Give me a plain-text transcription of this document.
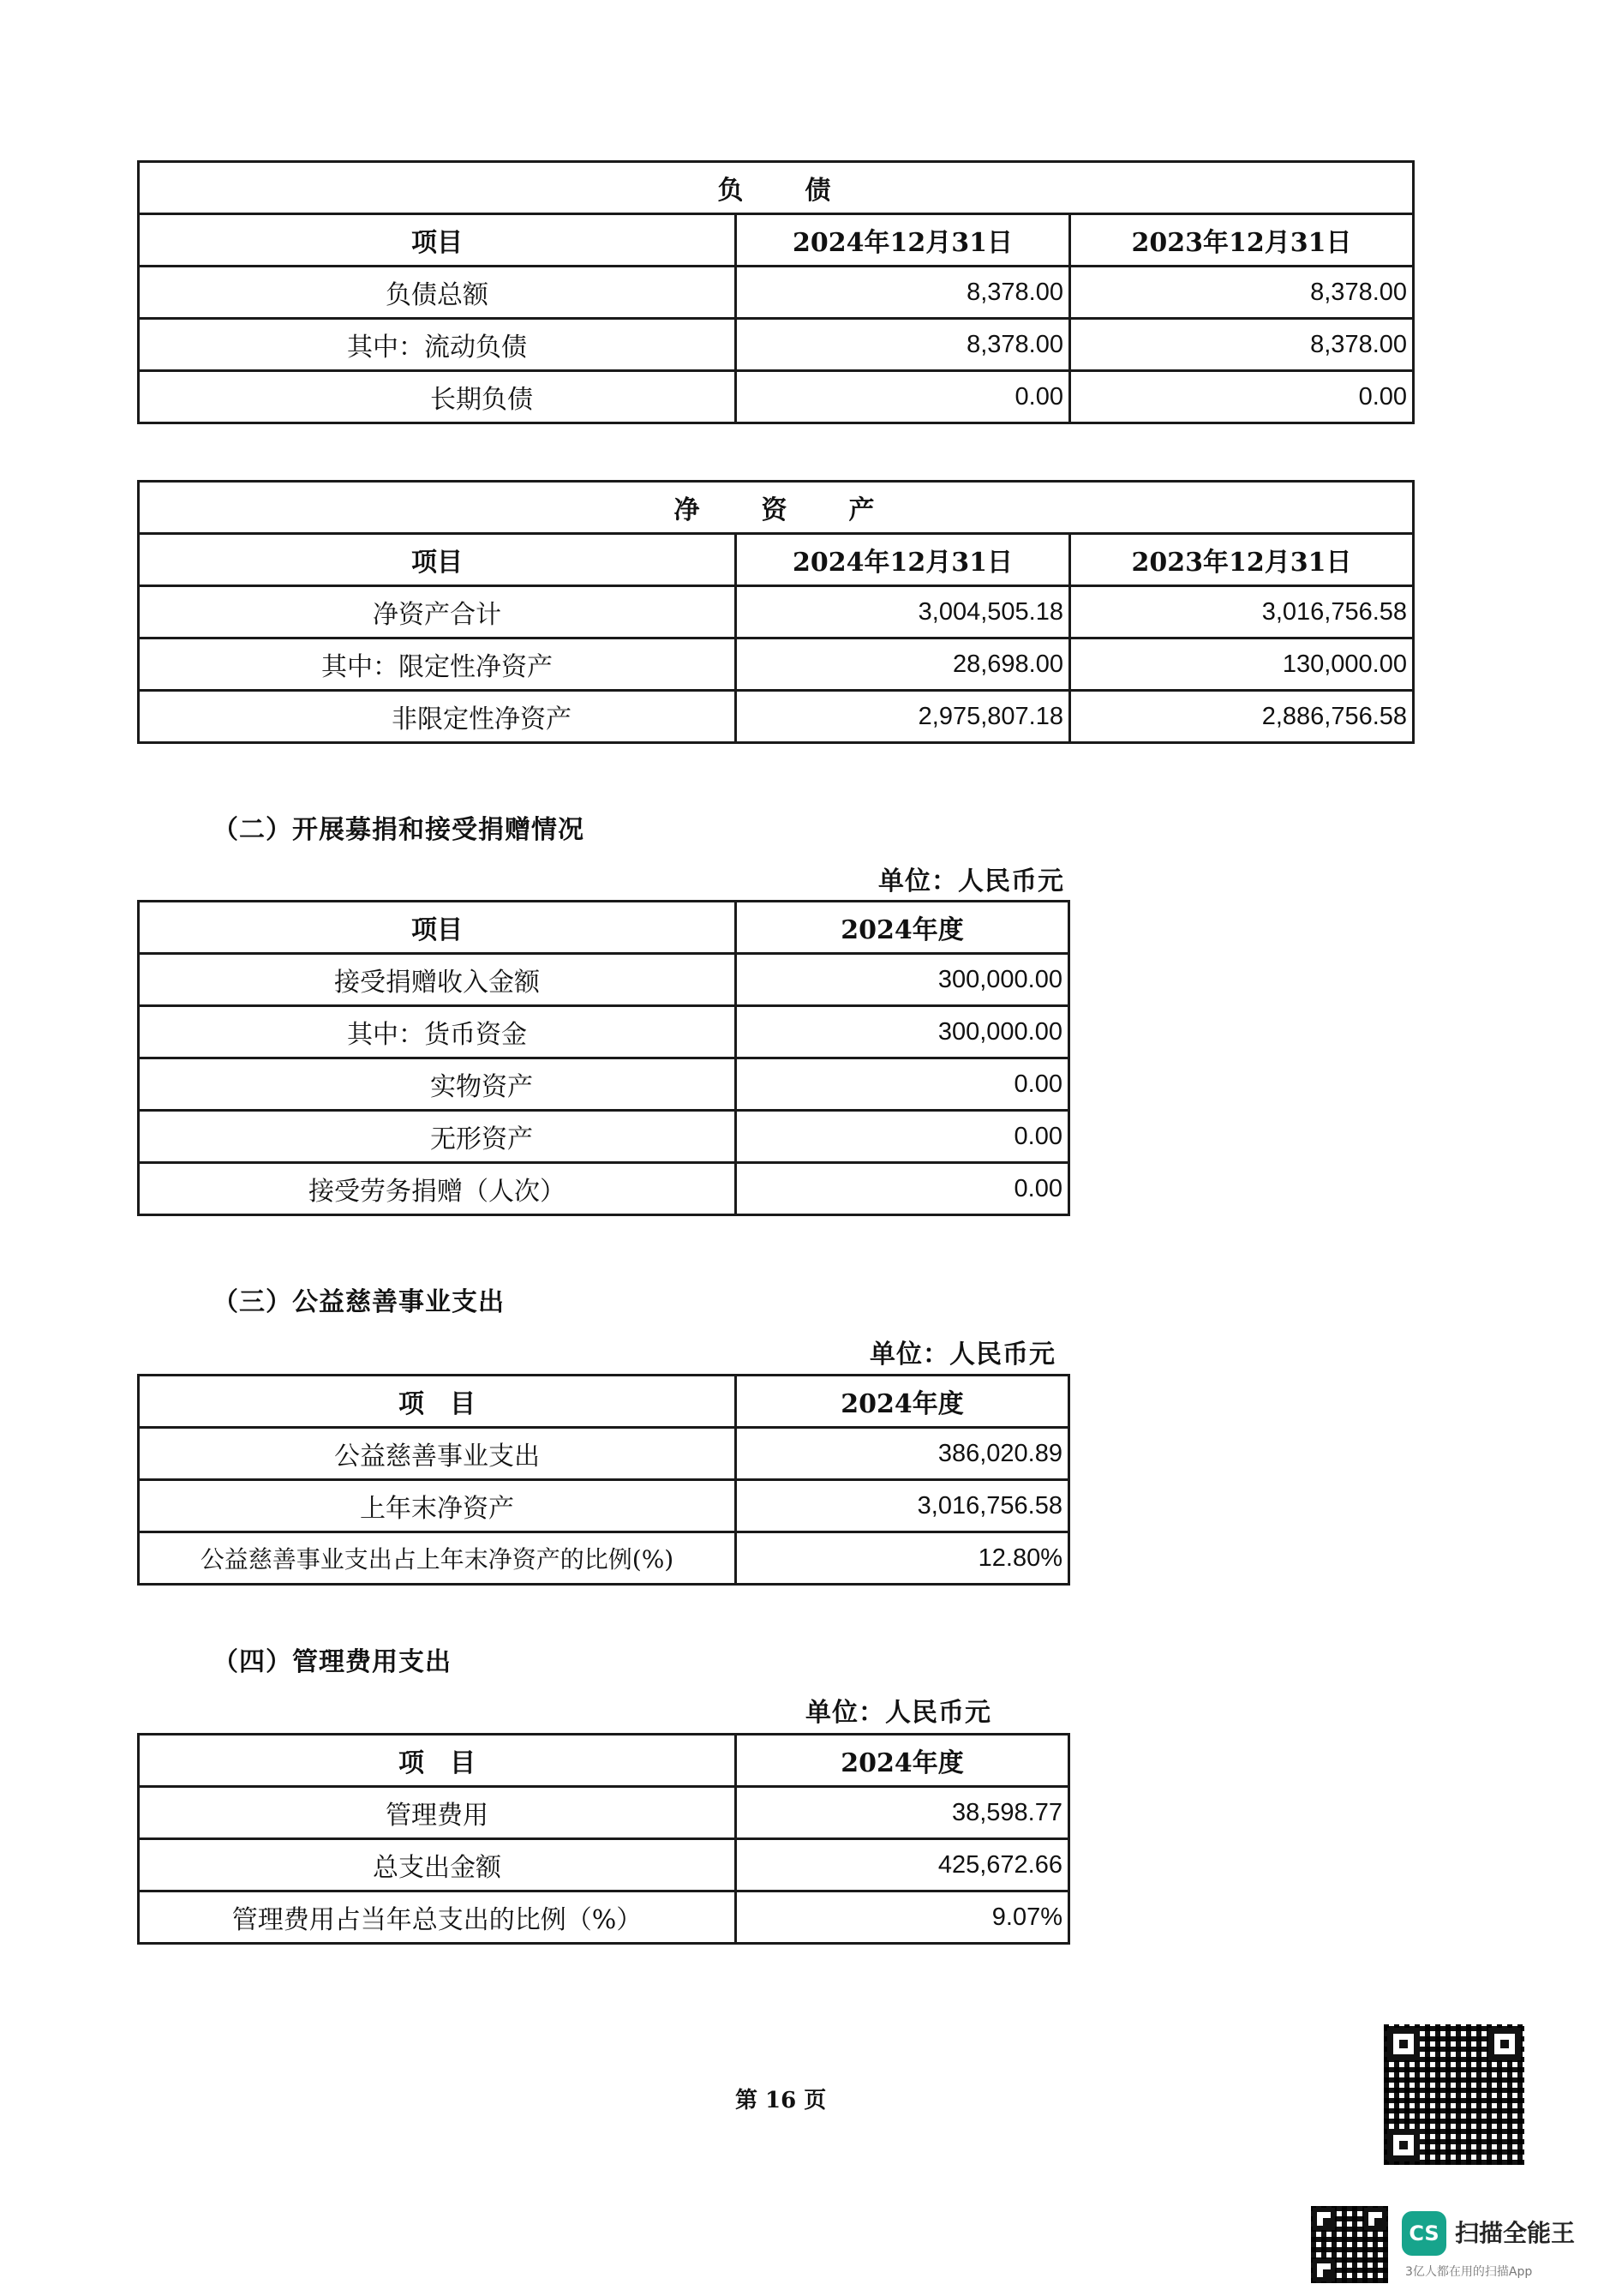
负　　债		
项目	2024年12月31日	2023年12月31日
负债总额	8,378.00	8,378.00
其中：流动负债	8,378.00	8,378.00
长期负债	0.00	0.00
净　　资　　产		
项目	2024年12月31日	2023年12月31日
净资产合计	3,004,505.18	3,016,756.58
其中：限定性净资产	28,698.00	130,000.00
非限定性净资产	2,975,807.18	2,886,756.58
（二）开展募捐和接受捐赠情况
单位：人民币元
项目	2024年度
接受捐赠收入金额	300,000.00
其中：货币资金	300,000.00
实物资产	0.00
无形资产	0.00
接受劳务捐赠（人次）	0.00
（三）公益慈善事业支出
单位：人民币元
项　目	2024年度
公益慈善事业支出	386,020.89
上年末净资产	3,016,756.58
公益慈善事业支出占上年末净资产的比例(%)	12.80%
（四）管理费用支出
单位：人民币元
项　目	2024年度
管理费用	38,598.77
总支出金额	425,672.66
管理费用占当年总支出的比例（%）	9.07%
第 16 页
CS 扫描全能王
3亿人都在用的扫描App
